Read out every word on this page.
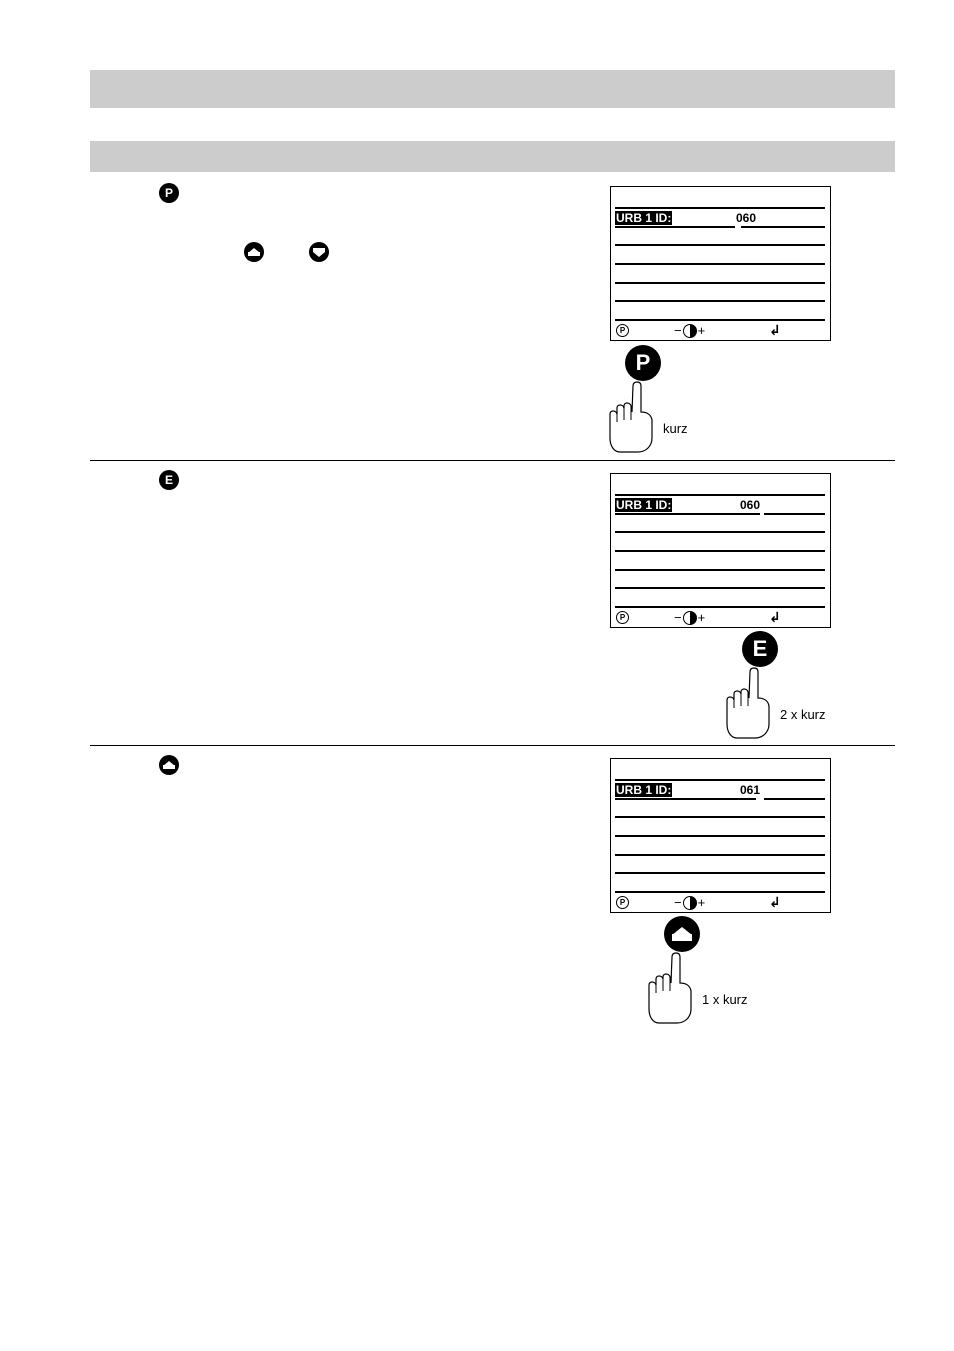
P
URB 1 ID:	060
P	− +	↲
P
kurz
E
URB 1 ID:	060
P	− +	↲
E
2 x kurz
URB 1 ID:	061
P	− +	↲
1 x kurz
